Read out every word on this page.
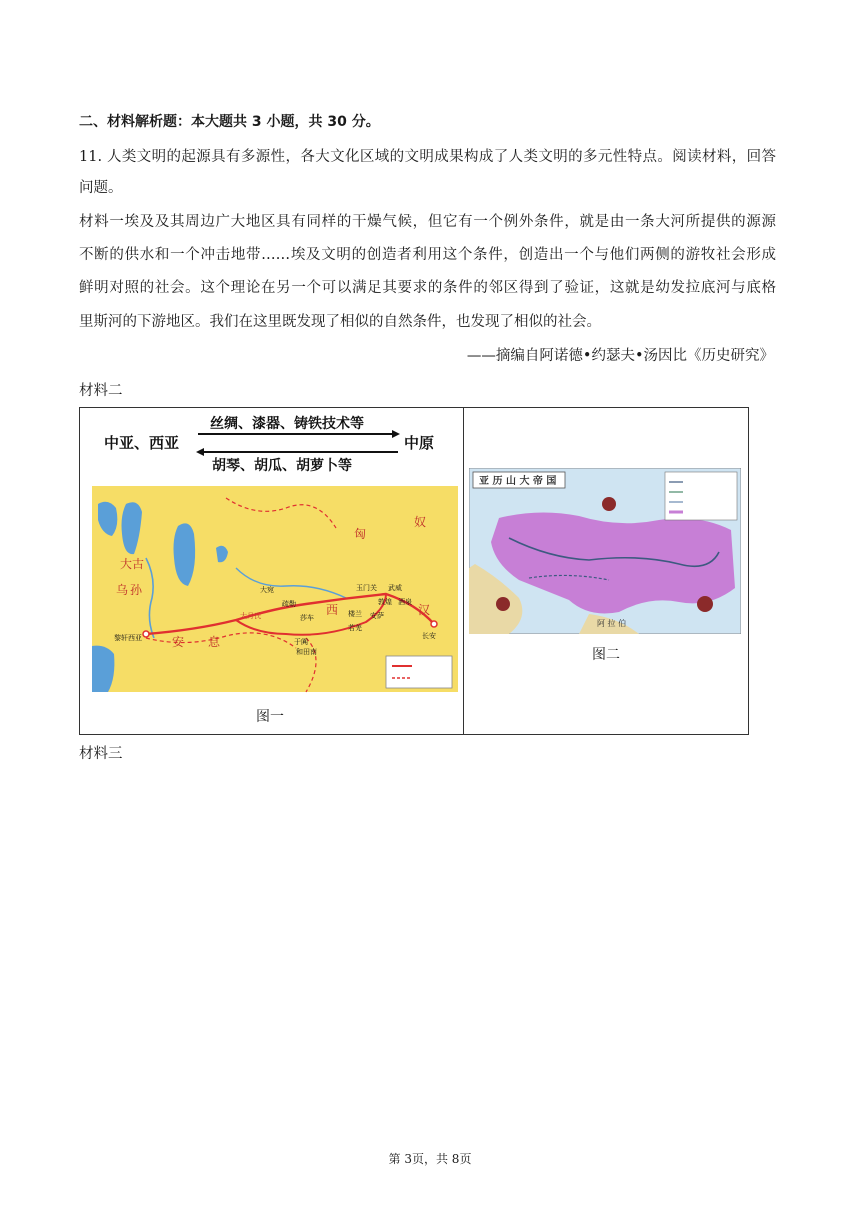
二、材料解析题：本大题共 3 小题，共 30 分。
11. 人类文明的起源具有多源性，各大文化区域的文明成果构成了人类文明的多元性特点。阅读材料，回答
问题。
材料一埃及及其周边广大地区具有同样的干燥气候，但它有一个例外条件，就是由一条大河所提供的源源
不断的供水和一个冲击地带……埃及文明的创造者利用这个条件，创造出一个与他们两侧的游牧社会形成
鲜明对照的社会。这个理论在另一个可以满足其要求的条件的邻区得到了验证，这就是幼发拉底河与底格
里斯河的下游地区。我们在这里既发现了相似的自然条件，也发现了相似的社会。
——摘编自阿诺德•约瑟夫•汤因比《历史研究》
材料二
中亚、西亚	中原
丝绸、漆器、铸铁技术等
胡琴、胡瓜、胡萝卜等
匈
奴
大 古
乌 孙
安 息
西	汉
大 宛	玉门关
敦煌
长安
大月氏
疏勒
于阗
莎车
若羌
楼兰
酒泉
安萨
武威
黎轩西亚
和田南
图一
亚 历 山 大 帝 国
阿 拉 伯
图二
材料三
第 3页，共 8页
